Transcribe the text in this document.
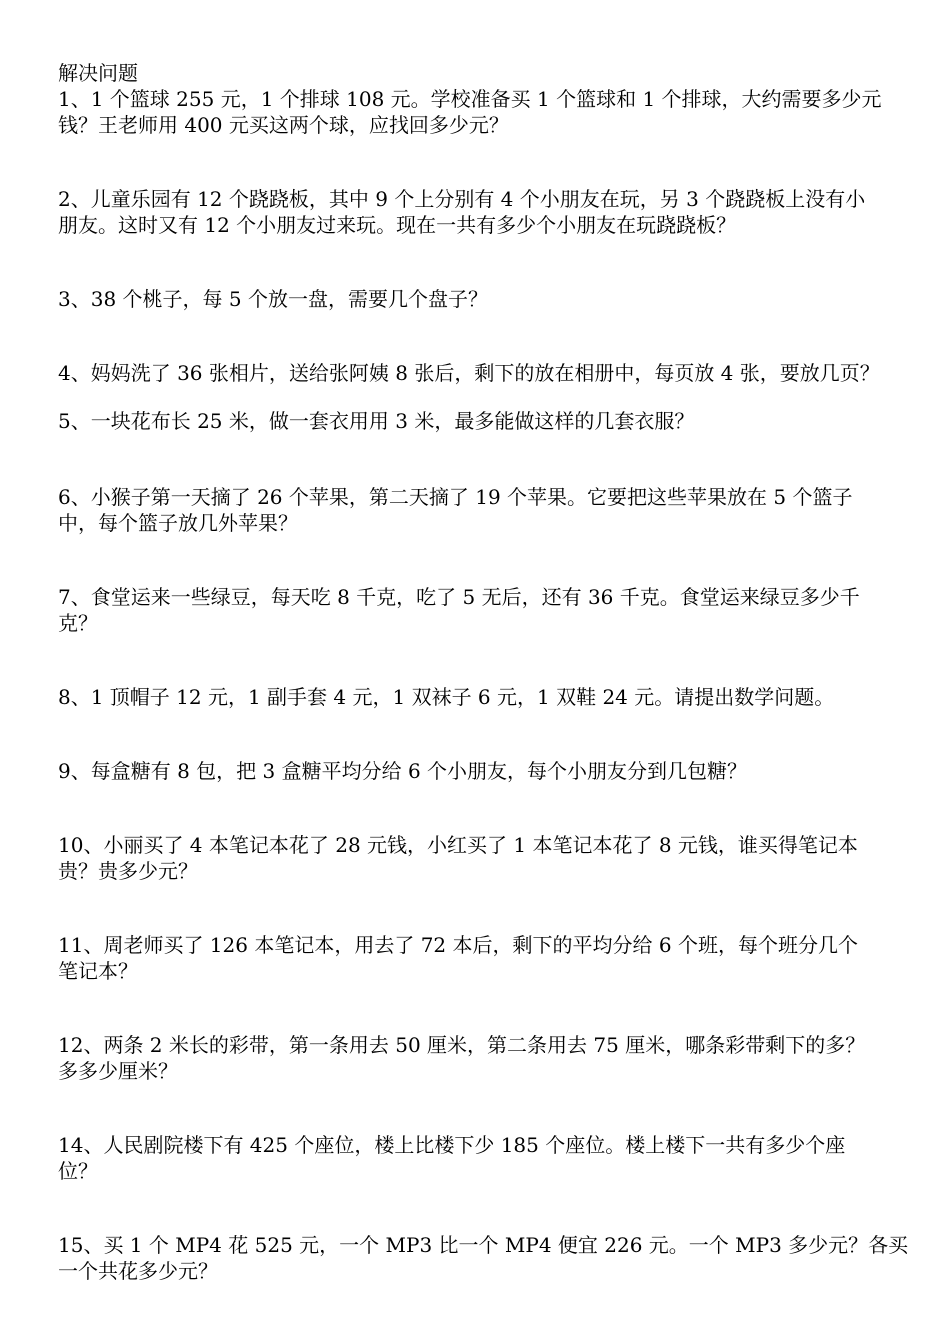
解决问题

1、1 个篮球 255 元，1 个排球 108 元。学校准备买 1 个篮球和 1 个排球，大约需要多少元
钱？王老师用 400 元买这两个球，应找回多少元？
2、儿童乐园有 12 个跷跷板，其中 9 个上分别有 4 个小朋友在玩，另 3 个跷跷板上没有小
朋友。这时又有 12 个小朋友过来玩。现在一共有多少个小朋友在玩跷跷板？
3、38 个桃子，每 5 个放一盘，需要几个盘子？
4、妈妈洗了 36 张相片，送给张阿姨 8 张后，剩下的放在相册中，每页放 4 张，要放几页？
5、一块花布长 25 米，做一套衣用用 3 米，最多能做这样的几套衣服？
6、小猴子第一天摘了 26 个苹果，第二天摘了 19 个苹果。它要把这些苹果放在 5 个篮子
中，每个篮子放几外苹果？
7、食堂运来一些绿豆，每天吃 8 千克，吃了 5 无后，还有 36 千克。食堂运来绿豆多少千
克？
8、1 顶帽子 12 元，1 副手套 4 元，1 双袜子 6 元，1 双鞋 24 元。请提出数学问题。
9、每盒糖有 8 包，把 3 盒糖平均分给 6 个小朋友，每个小朋友分到几包糖？
10、小丽买了 4 本笔记本花了 28 元钱，小红买了 1 本笔记本花了 8 元钱，谁买得笔记本
贵？贵多少元？
11、周老师买了 126 本笔记本，用去了 72 本后，剩下的平均分给 6 个班，每个班分几个
笔记本？
12、两条 2 米长的彩带，第一条用去 50 厘米，第二条用去 75 厘米，哪条彩带剩下的多？
多多少厘米？
14、人民剧院楼下有 425 个座位，楼上比楼下少 185 个座位。楼上楼下一共有多少个座
位？
15、买 1 个 MP4 花 525 元，一个 MP3 比一个 MP4 便宜 226 元。一个 MP3 多少元？各买
一个共花多少元？
